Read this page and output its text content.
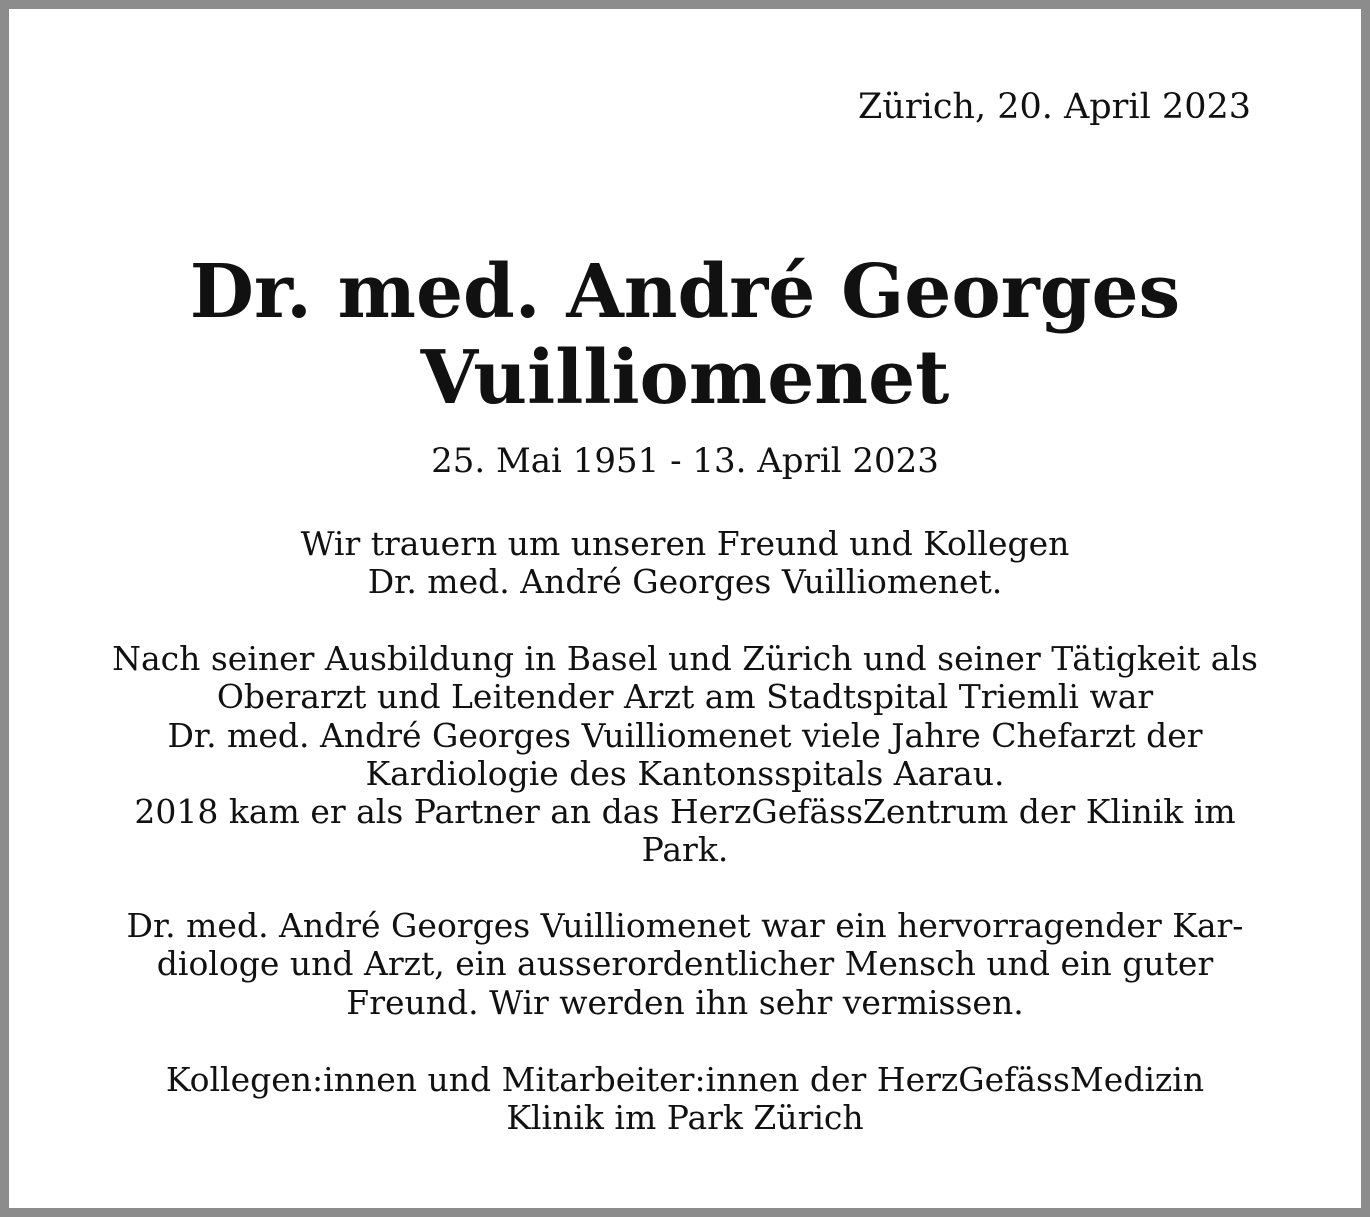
Zürich, 20. April 2023
Dr. med. André Georges
Vuilliomenet
25. Mai 1951 - 13. April 2023
Wir trauern um unseren Freund und Kollegen
Dr. med. André Georges Vuilliomenet.
Nach seiner Ausbildung in Basel und Zürich und seiner Tätigkeit als
Oberarzt und Leitender Arzt am Stadtspital Triemli war
Dr. med. André Georges Vuilliomenet viele Jahre Chefarzt der
Kardiologie des Kantonsspitals Aarau.
2018 kam er als Partner an das HerzGefässZentrum der Klinik im
Park.
Dr. med. André Georges Vuilliomenet war ein hervorragender Kar-
diologe und Arzt, ein ausserordentlicher Mensch und ein guter
Freund. Wir werden ihn sehr vermissen.
Kollegen:innen und Mitarbeiter:innen der HerzGefässMedizin
Klinik im Park Zürich
